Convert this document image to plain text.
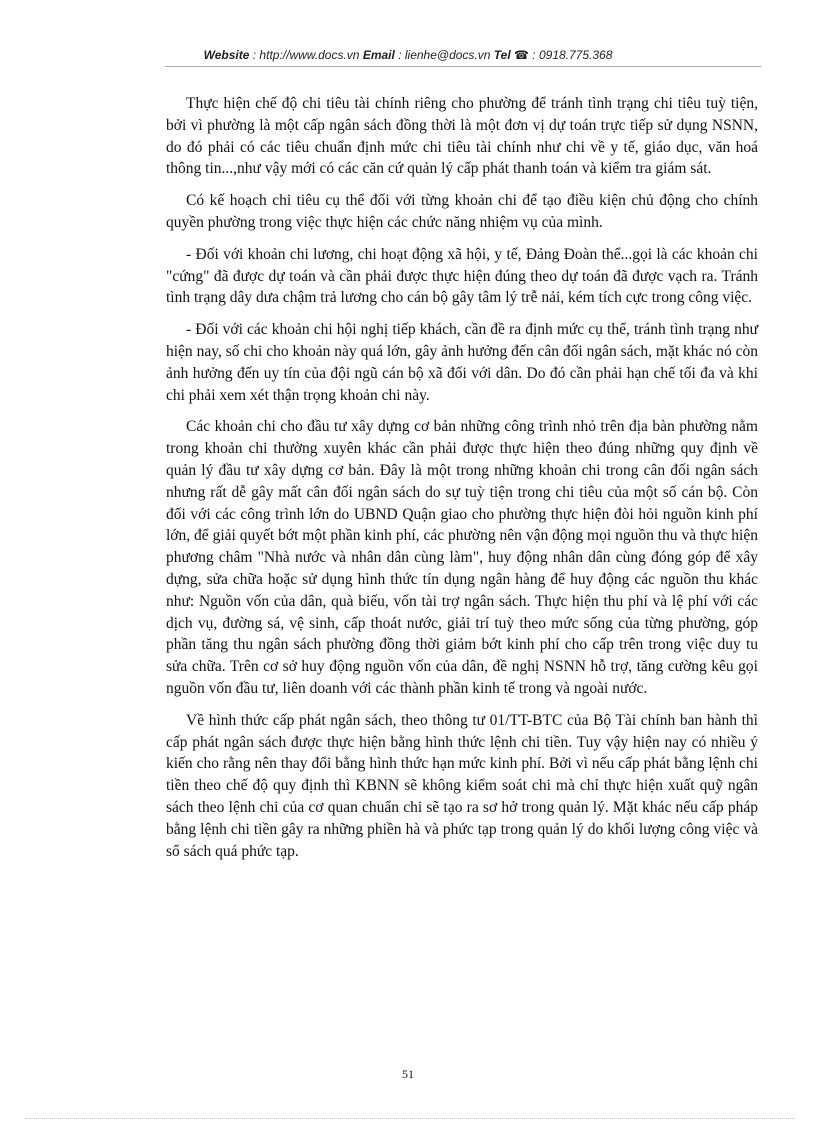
Website : http://www.docs.vn Email : lienhe@docs.vn Tel ☎ : 0918.775.368

Thực hiện chế độ chi tiêu tài chính riêng cho phường để tránh tình trạng chi tiêu tuỳ tiện, bởi vì phường là một cấp ngân sách đồng thời là một đơn vị dự toán trực tiếp sử dụng NSNN, do đó phải có các tiêu chuẩn định mức chi tiêu tài chính như chi về y tế, giáo dục, văn hoá thông tin...,như vậy mới có các căn cứ quản lý cấp phát thanh toán và kiểm tra giám sát.

Có kế hoạch chi tiêu cụ thể đối với từng khoản chi để tạo điều kiện chủ động cho chính quyền phường trong việc thực hiện các chức năng nhiệm vụ của mình.

- Đối với khoản chi lương, chi hoạt động xã hội, y tế, Đảng Đoàn thể...gọi là các khoản chi "cứng" đã được dự toán và cần phải được thực hiện đúng theo dự toán đã được vạch ra. Tránh tình trạng dây dưa chậm trả lương cho cán bộ gây tâm lý trễ nải, kém tích cực trong công việc.

- Đối với các khoản chi hội nghị tiếp khách, cần đề ra định mức cụ thể, tránh tình trạng như hiện nay, số chi cho khoản này quá lớn, gây ảnh hưởng đến cân đối ngân sách, mặt khác nó còn ảnh hưởng đến uy tín của đội ngũ cán bộ xã đối với dân. Do đó cần phải hạn chế tối đa và khi chi phải xem xét thận trọng khoản chi này.

Các khoản chi cho đầu tư xây dựng cơ bản những công trình nhỏ trên địa bàn phường nằm trong khoản chi thường xuyên khác cần phải được thực hiện theo đúng những quy định về quản lý đầu tư xây dựng cơ bản. Đây là một trong những khoản chi trong cân đối ngân sách nhưng rất dễ gây mất cân đối ngân sách do sự tuỳ tiện trong chi tiêu của một số cán bộ. Còn đối với các công trình lớn do UBND Quận giao cho phường thực hiện đòi hỏi nguồn kinh phí lớn, để giải quyết bớt một phần kinh phí, các phường nên vận động mọi nguồn thu và thực hiện phương châm "Nhà nước và nhân dân cùng làm", huy động nhân dân cùng đóng góp để xây dựng, sửa chữa hoặc sử dụng hình thức tín dụng ngân hàng để huy động các nguồn thu khác như: Nguồn vốn của dân, quà biếu, vốn tài trợ ngân sách. Thực hiện thu phí và lệ phí với các dịch vụ, đường sá, vệ sinh, cấp thoát nước, giải trí tuỳ theo mức sống của từng phường, góp phần tăng thu ngân sách phường đồng thời giảm bớt kinh phí cho cấp trên trong việc duy tu sửa chữa. Trên cơ sở huy động nguồn vốn của dân, đề nghị NSNN hỗ trợ, tăng cường kêu gọi nguồn vốn đầu tư, liên doanh với các thành phần kinh tế trong và ngoài nước.

Về hình thức cấp phát ngân sách, theo thông tư 01/TT-BTC của Bộ Tài chính ban hành thì cấp phát ngân sách được thực hiện bằng hình thức lệnh chi tiền. Tuy vậy hiện nay có nhiều ý kiến cho rằng nên thay đổi bằng hình thức hạn mức kinh phí. Bởi vì nếu cấp phát bằng lệnh chi tiền theo chế độ quy định thì KBNN sẽ không kiểm soát chi mà chỉ thực hiện xuất quỹ ngân sách theo lệnh chi của cơ quan chuẩn chi sẽ tạo ra sơ hở trong quản lý. Mặt khác nếu cấp pháp bằng lệnh chi tiền gây ra những phiền hà và phức tạp trong quản lý do khối lượng công việc và sổ sách quá phức tạp.

51
